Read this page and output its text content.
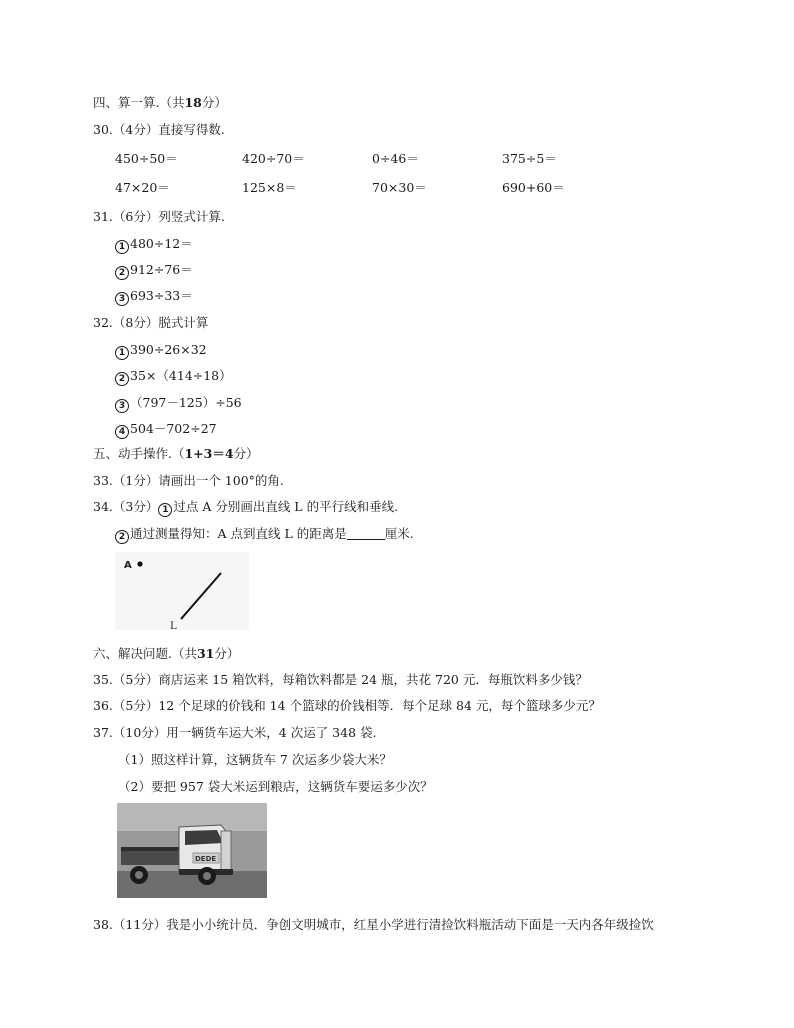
四、算一算.（共18分）
30.（4分）直接写得数.
450÷50＝	420÷70＝	0÷46＝	375÷5＝
47×20＝	125×8＝	70×30＝	690+60＝
31.（6分）列竖式计算.
1 480÷12＝
2 912÷76＝
3 693÷33＝
32.（8分）脱式计算
1 390÷26×32
2 35×（414÷18）
3 （797－125）÷56
4 504－702÷27
五、动手操作.（1+3＝4分）
33.（1分）请画出一个 100°的角.
34.（3分） 1 过点 A 分别画出直线 L 的平行线和垂线.
2 通过测量得知：A 点到直线 L 的距离是	厘米.
A
L
六、解决问题.（共31分）
35.（5分）商店运来 15 箱饮料，每箱饮料都是 24 瓶，共花 720 元．每瓶饮料多少钱？
36.（5分）12 个足球的价钱和 14 个篮球的价钱相等．每个足球 84 元，每个篮球多少元？
37.（10分）用一辆货车运大米，4 次运了 348 袋.
（1）照这样计算，这辆货车 7 次运多少袋大米？
（2）要把 957 袋大米运到粮店，这辆货车要运多少次？
DEDE
38.（11分）我是小小统计员．争创文明城市，红星小学进行清捡饮料瓶活动下面是一天内各年级捡饮
